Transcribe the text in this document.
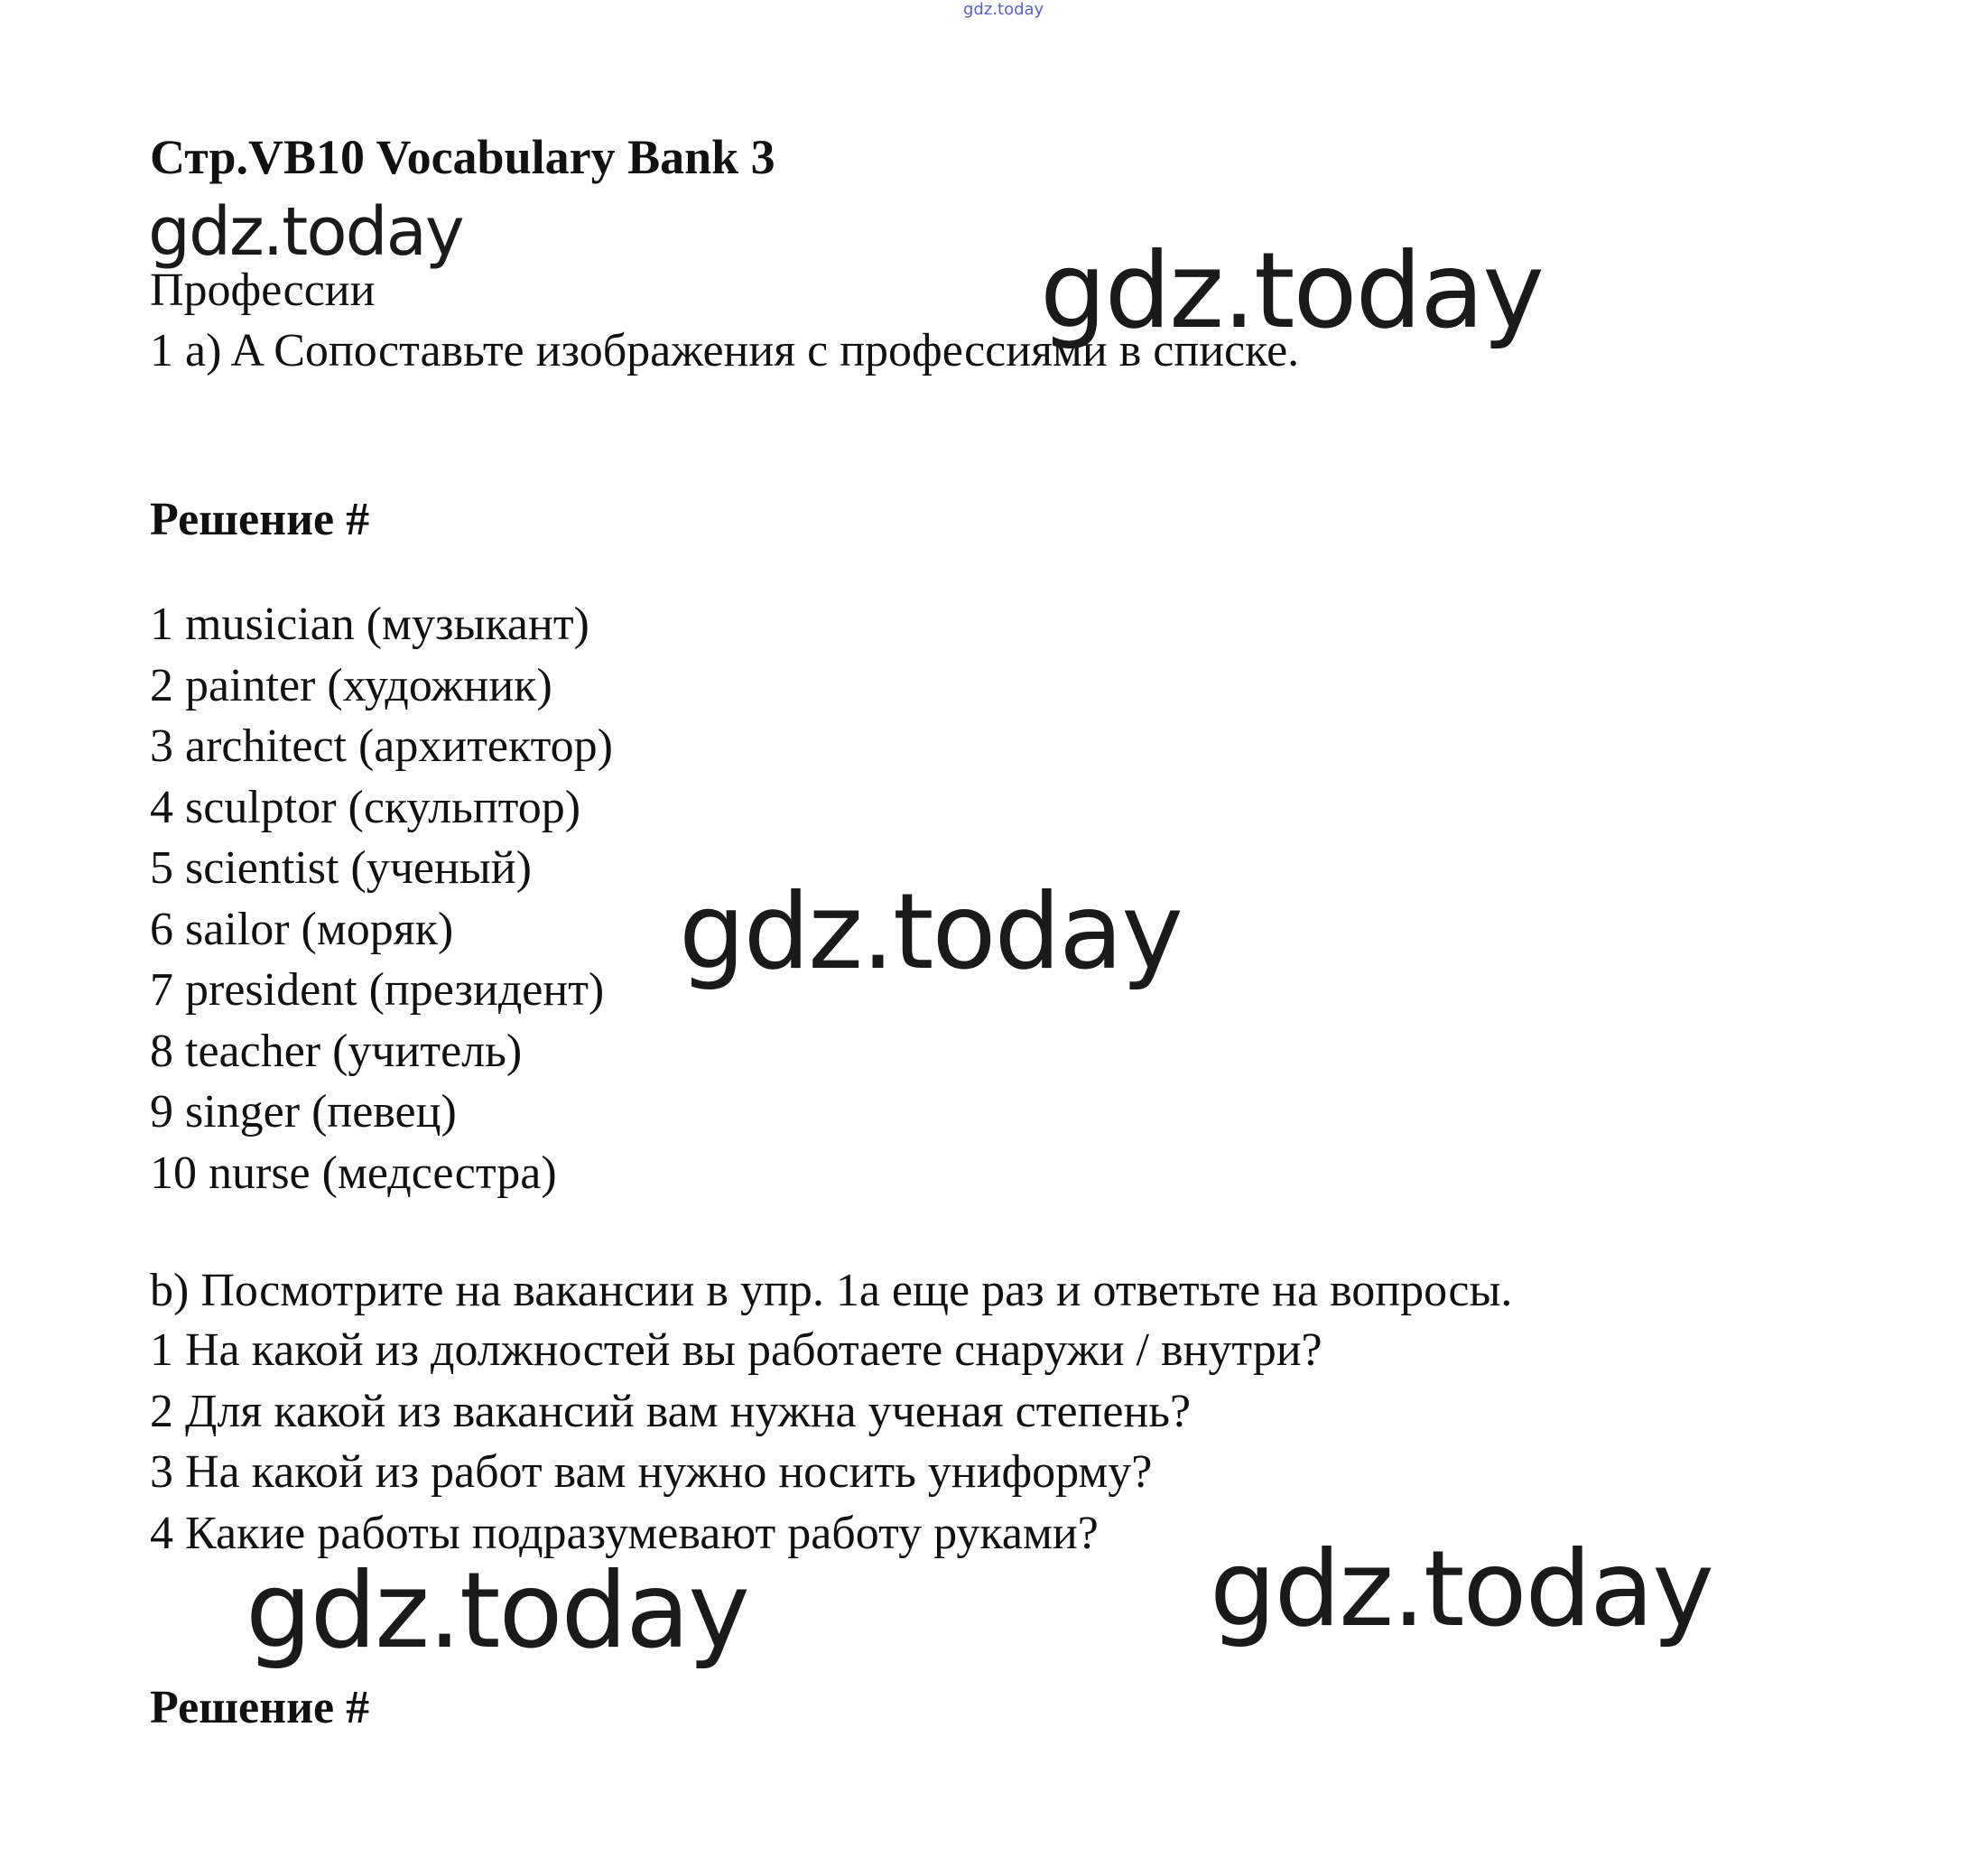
gdz.today
Стр.VB10 Vocabulary Bank 3
gdz.today
Профессии
1 a) A Сопоставьте изображения с профессиями в списке.
gdz.today
Решение #
1 musician (музыкант)
2 painter (художник)
3 architect (архитектор)
4 sculptor (скульптор)
5 scientist (ученый)
6 sailor (моряк)
7 president (президент)
8 teacher (учитель)
9 singer (певец)
10 nurse (медсестра)
gdz.today
b) Посмотрите на вакансии в упр. 1a еще раз и ответьте на вопросы.
1 На какой из должностей вы работаете снаружи / внутри?
2 Для какой из вакансий вам нужна ученая степень?
3 На какой из работ вам нужно носить униформу?
4 Какие работы подразумевают работу руками?
gdz.today	gdz.today
Решение #
